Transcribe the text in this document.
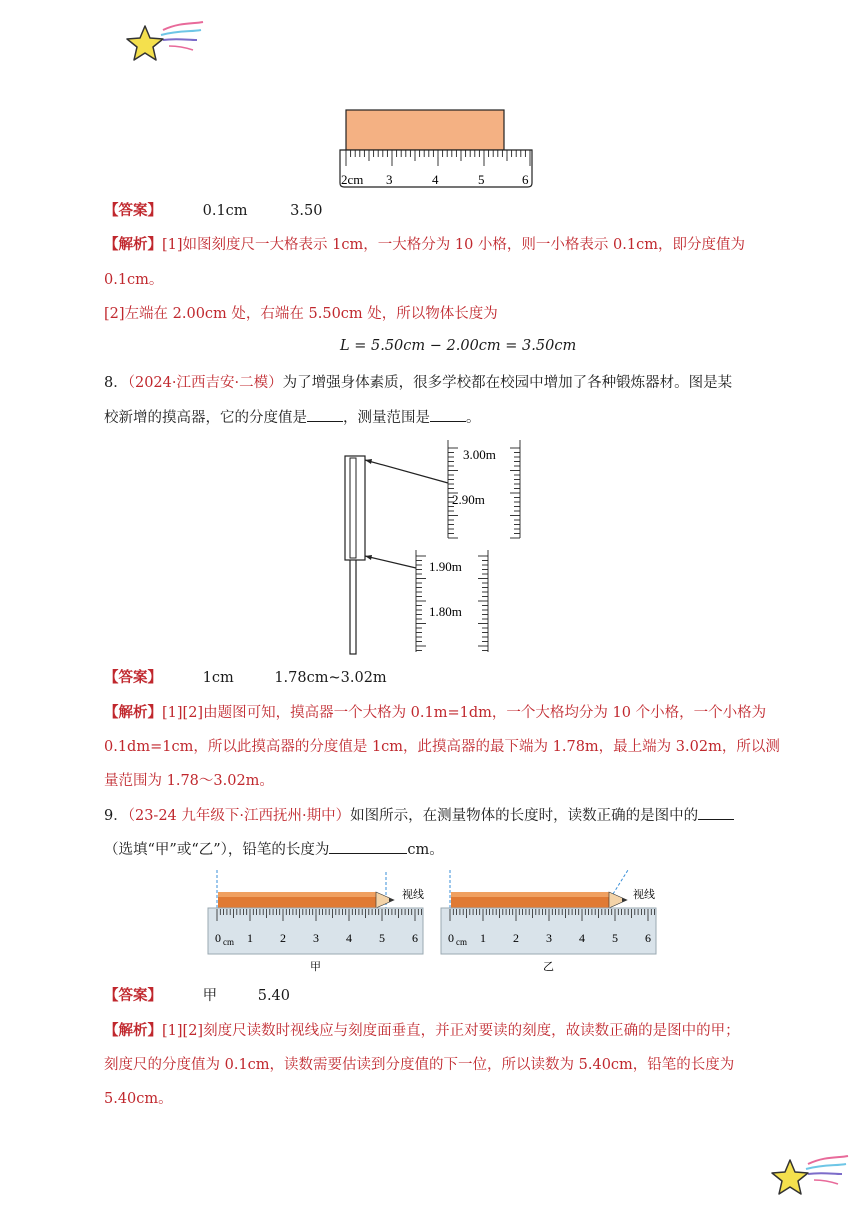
2cm 3	4	5	6
【答案】	0.1cm	3.50
【解析】[1]如图刻度尺一大格表示 1cm，一大格分为 10 小格，则一小格表示 0.1cm，即分度值为
0.1cm。
[2]左端在 2.00cm 处，右端在 5.50cm 处，所以物体长度为
L = 5.50cm − 2.00cm = 3.50cm
8．（2024·江西吉安·二模）为了增强身体素质，很多学校都在校园中增加了各种锻炼器材。图是某
校新增的摸高器，它的分度值是 ，测量范围是 。
3.00m
2.90m
1.90m
1.80m
【答案】	1cm	1.78cm~3.02m
【解析】[1][2]由题图可知，摸高器一个大格为 0.1m=1dm，一个大格均分为 10 个小格，一个小格为
0.1dm=1cm，所以此摸高器的分度值是 1cm，此摸高器的最下端为 1.78m，最上端为 3.02m，所以测
量范围为 1.78～3.02m。
9．（23-24 九年级下·江西抚州·期中）如图所示，在测量物体的长度时，读数正确的是图中的
（选填“甲”或“乙”），铅笔的长度为	cm。
视线
0 cm 1 2 3 4 5 6
甲
视线
0 cm 1 2 3 4 5 6
乙
【答案】	甲	5.40
【解析】[1][2]刻度尺读数时视线应与刻度面垂直，并正对要读的刻度，故读数正确的是图中的甲；
刻度尺的分度值为 0.1cm，读数需要估读到分度值的下一位，所以读数为 5.40cm，铅笔的长度为
5.40cm。
